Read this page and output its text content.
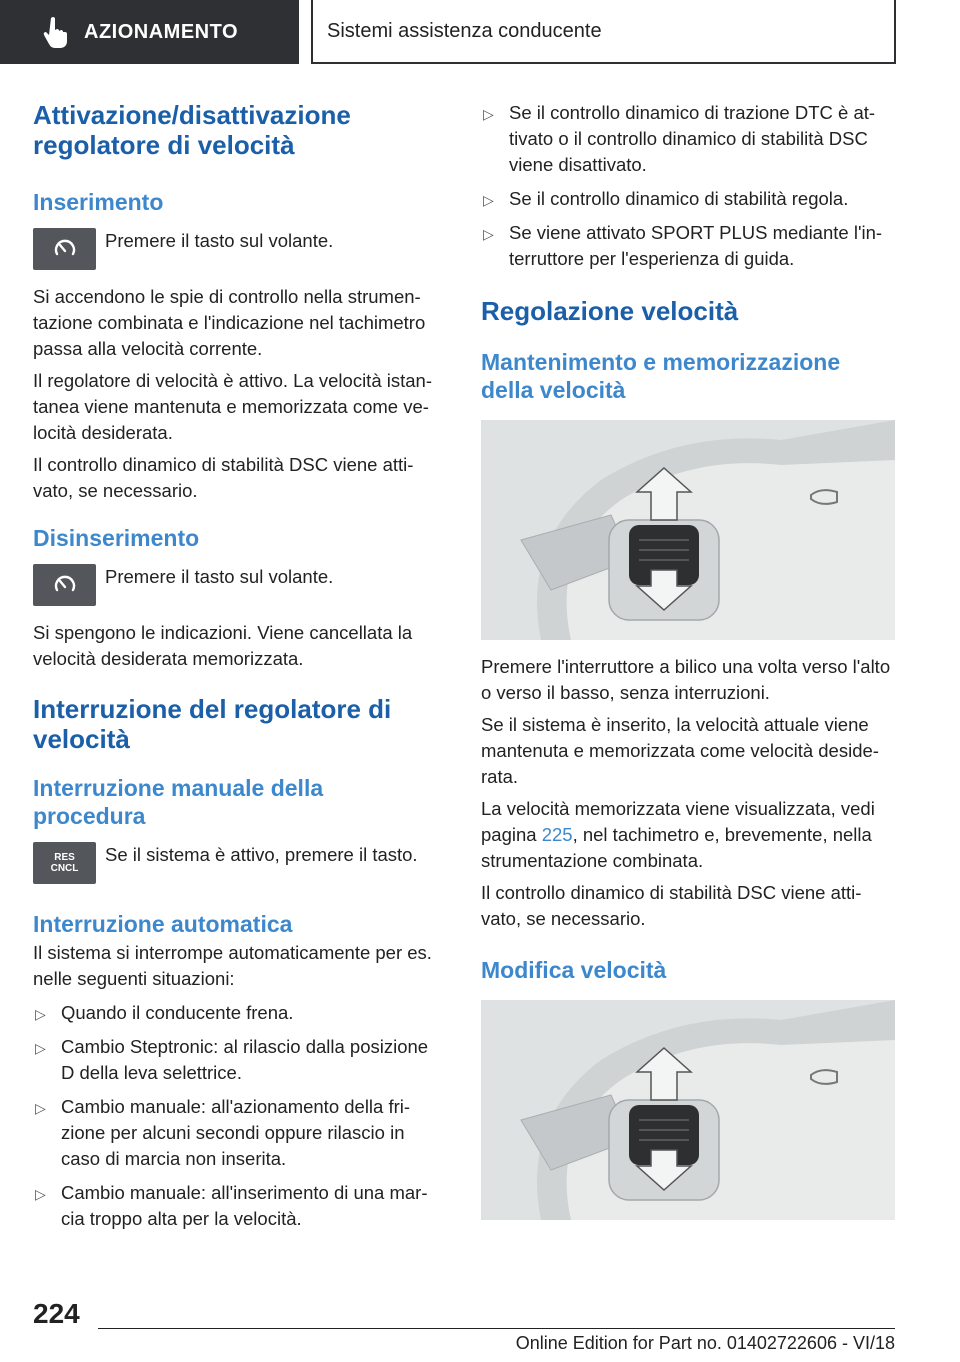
AZIONAMENTO	Sistemi assistenza conducente
Attivazione/disattivazione regolatore di velocità
Inserimento

Premere il tasto sul volante.

Si accendono le spie di controllo nella strumentazione combinata e l'indicazione nel tachimetro passa alla velocità corrente.

Il regolatore di velocità è attivo. La velocità istantanea viene mantenuta e memorizzata come velocità desiderata.

Il controllo dinamico di stabilità DSC viene attivato, se necessario.

Disinserimento

Premere il tasto sul volante.

Si spengono le indicazioni. Viene cancellata la velocità desiderata memorizzata.

Interruzione del regolatore di velocità
Interruzione manuale della procedura
RES
CNCL

Se il sistema è attivo, premere il tasto.

Interruzione automatica

Il sistema si interrompe automaticamente per es. nelle seguenti situazioni:

▷ Quando il conducente frena.
▷ Cambio Steptronic: al rilascio dalla posizione D della leva selettrice.
▷ Cambio manuale: all'azionamento della frizione per alcuni secondi oppure rilascio in caso di marcia non inserita.
▷ Cambio manuale: all'inserimento di una marcia troppo alta per la velocità.
▷ Se il controllo dinamico di trazione DTC è attivato o il controllo dinamico di stabilità DSC viene disattivato.
▷ Se il controllo dinamico di stabilità regola.
▷ Se viene attivato SPORT PLUS mediante l'interruttore per l'esperienza di guida.
Regolazione velocità
Mantenimento e memorizzazione della velocità

Premere l'interruttore a bilico una volta verso l'alto o verso il basso, senza interruzioni.

Se il sistema è inserito, la velocità attuale viene mantenuta e memorizzata come velocità desiderata.

La velocità memorizzata viene visualizzata, vedi pagina 225, nel tachimetro e, brevemente, nella strumentazione combinata.

Il controllo dinamico di stabilità DSC viene attivato, se necessario.

Modifica velocità
224
Online Edition for Part no. 01402722606 - VI/18
